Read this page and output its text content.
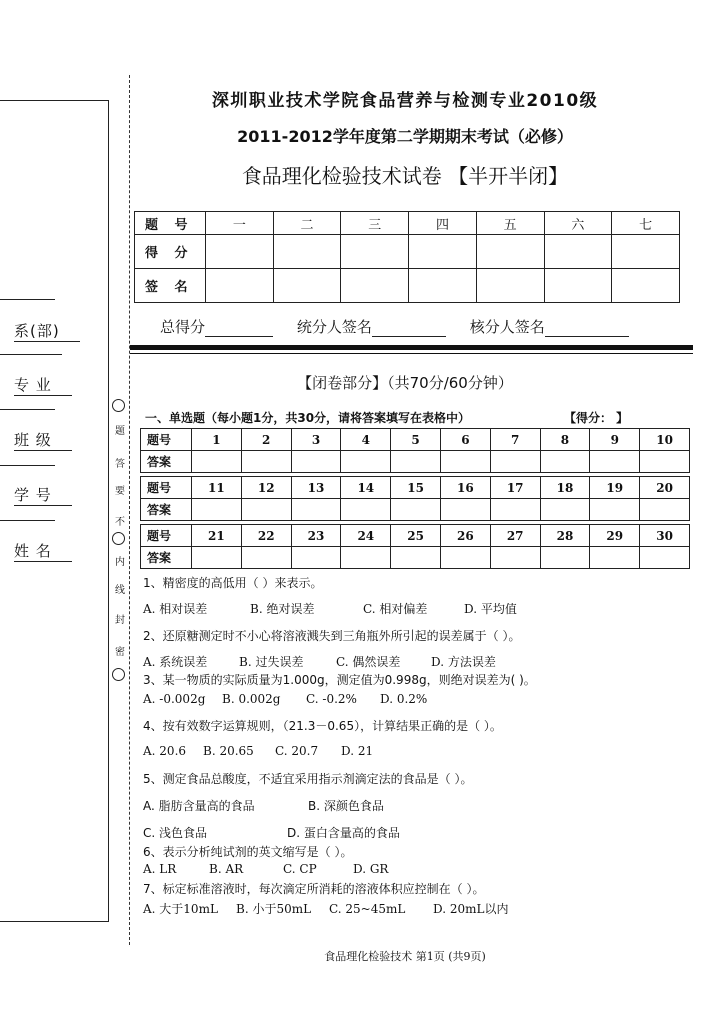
系(部)
专 业
班 级
学 号
姓 名
题
答
要
不
内
线
封
密
深圳职业技术学院食品营养与检测专业2010级
2011-2012学年度第二学期期末考试（必修）
食品理化检验技术试卷 【半开半闭】
题 号	一	二	三	四	五	六	七
得 分							
签 名							
总得分	统分人签名	核分人签名
【闭卷部分】（共70分/60分钟）
一、单选题（每小题1分，共30分，请将答案填写在表格中）	【得分： 】
题号	1	2	3	4	5	6	7	8	9	10
答案										

题号	11	12	13	14	15	16	17	18	19	20
答案										

题号	21	22	23	24	25	26	27	28	29	30
答案										
1、精密度的高低用（ ）来表示。
A. 相对误差	B. 绝对误差	C. 相对偏差	D. 平均值
2、还原糖测定时不小心将溶液溅失到三角瓶外所引起的误差属于（ ）。
A. 系统误差	B. 过失误差	C. 偶然误差	D. 方法误差
3、某一物质的实际质量为1.000g，测定值为0.998g，则绝对误差为( )。
A. -0.002g B. 0.002g C. -0.2% D. 0.2%
4、按有效数字运算规则，（21.3－0.65），计算结果正确的是（ ）。
A. 20.6 B. 20.65 C. 20.7 D. 21
5、测定食品总酸度，不适宜采用指示剂滴定法的食品是（ ）。
A. 脂肪含量高的食品	B. 深颜色食品
C. 浅色食品	D. 蛋白含量高的食品
6、表示分析纯试剂的英文缩写是（ ）。
A. LR	B. AR	C. CP	D. GR
7、标定标准溶液时，每次滴定所消耗的溶液体积应控制在（ ）。
A. 大于10mL B. 小于50mL C. 25~45mL D. 20mL以内
食品理化检验技术 第1页 (共9页)
